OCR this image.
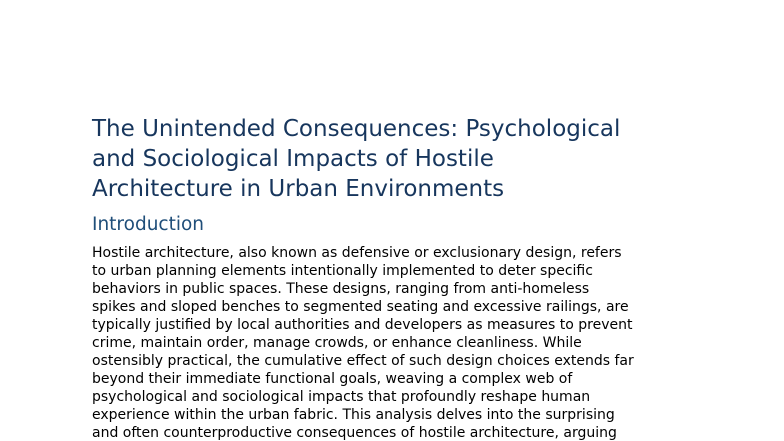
The Unintended Consequences: Psychological
and Sociological Impacts of Hostile
Architecture in Urban Environments
Introduction

Hostile architecture, also known as defensive or exclusionary design, refers
to urban planning elements intentionally implemented to deter specific
behaviors in public spaces. These designs, ranging from anti-homeless
spikes and sloped benches to segmented seating and excessive railings, are
typically justified by local authorities and developers as measures to prevent
crime, maintain order, manage crowds, or enhance cleanliness. While
ostensibly practical, the cumulative effect of such design choices extends far
beyond their immediate functional goals, weaving a complex web of
psychological and sociological impacts that profoundly reshape human
experience within the urban fabric. This analysis delves into the surprising
and often counterproductive consequences of hostile architecture, arguing
